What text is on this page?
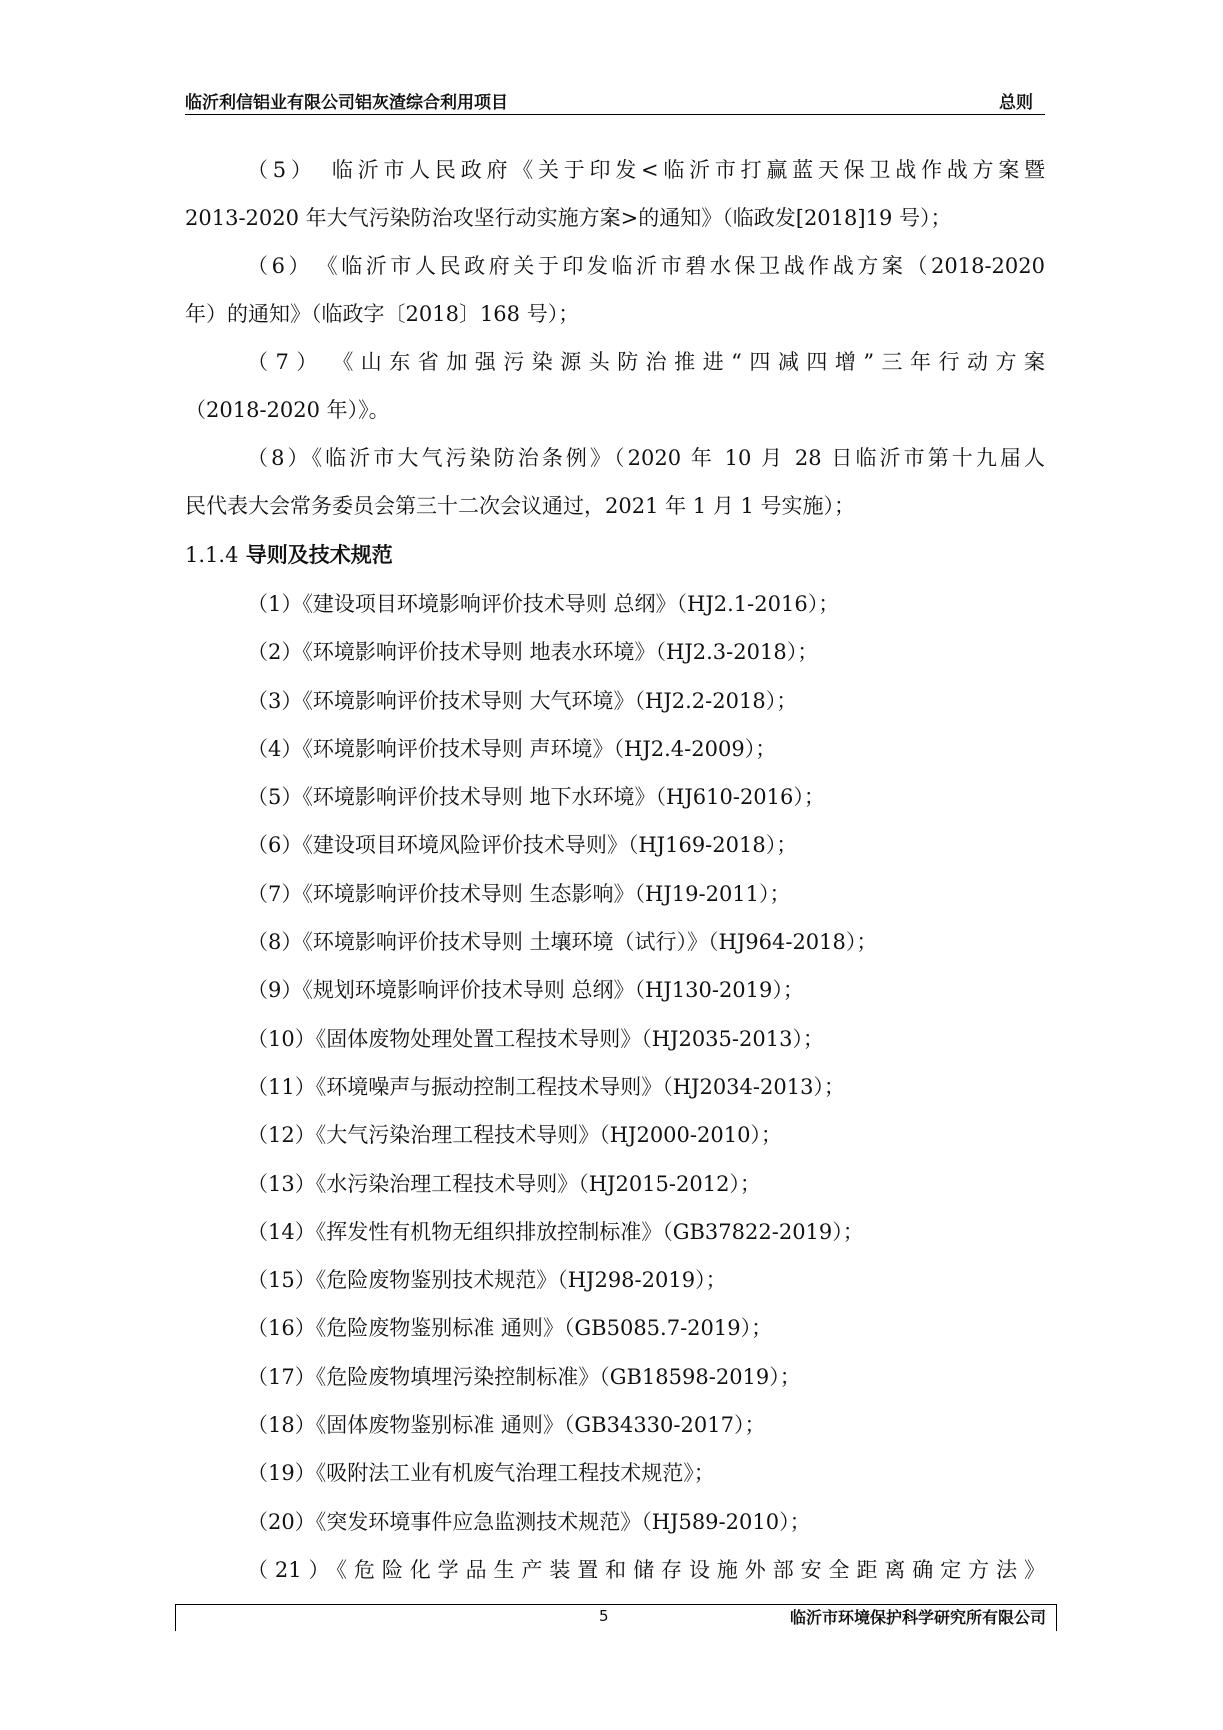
临沂利信铝业有限公司铝灰渣综合利用项目	总则
（5）　临沂市人民政府《关于印发<临沂市打赢蓝天保卫战作战方案暨
2013-2020 年大气污染防治攻坚行动实施方案>的通知》（临政发[2018]19 号）；
（6）　《临沂市人民政府关于印发临沂市碧水保卫战作战方案（2018-2020
年）的通知》（临政字〔2018〕168 号）；
（7）　《山东省加强污染源头防治推进“四减四增”三年行动方案
（2018-2020 年）》。
（8）《临沂市大气污染防治条例》（2020 年 10 月 28 日临沂市第十九届人
民代表大会常务委员会第三十二次会议通过，2021 年 1 月 1 号实施）；
1.1.4 导则及技术规范
（1）《建设项目环境影响评价技术导则 总纲》（HJ2.1-2016）；
（2）《环境影响评价技术导则 地表水环境》（HJ2.3-2018）；
（3）《环境影响评价技术导则 大气环境》（HJ2.2-2018）；
（4）《环境影响评价技术导则 声环境》（HJ2.4-2009）；
（5）《环境影响评价技术导则 地下水环境》（HJ610-2016）；
（6）《建设项目环境风险评价技术导则》（HJ169-2018）；
（7）《环境影响评价技术导则 生态影响》（HJ19-2011）；
（8）《环境影响评价技术导则 土壤环境（试行）》（HJ964-2018）；
（9）《规划环境影响评价技术导则 总纲》（HJ130-2019）；
（10）《固体废物处理处置工程技术导则》（HJ2035-2013）；
（11）《环境噪声与振动控制工程技术导则》（HJ2034-2013）；
（12）《大气污染治理工程技术导则》（HJ2000-2010）；
（13）《水污染治理工程技术导则》（HJ2015-2012）；
（14）《挥发性有机物无组织排放控制标准》（GB37822-2019）；
（15）《危险废物鉴别技术规范》（HJ298-2019）；
（16）《危险废物鉴别标准 通则》（GB5085.7-2019）；
（17）《危险废物填埋污染控制标准》（GB18598-2019）；
（18）《固体废物鉴别标准 通则》（GB34330-2017）；
（19）《吸附法工业有机废气治理工程技术规范》；
（20）《突发环境事件应急监测技术规范》（HJ589-2010）；
（21）《危险化学品生产装置和储存设施外部安全距离确定方法》
5	临沂市环境保护科学研究所有限公司
